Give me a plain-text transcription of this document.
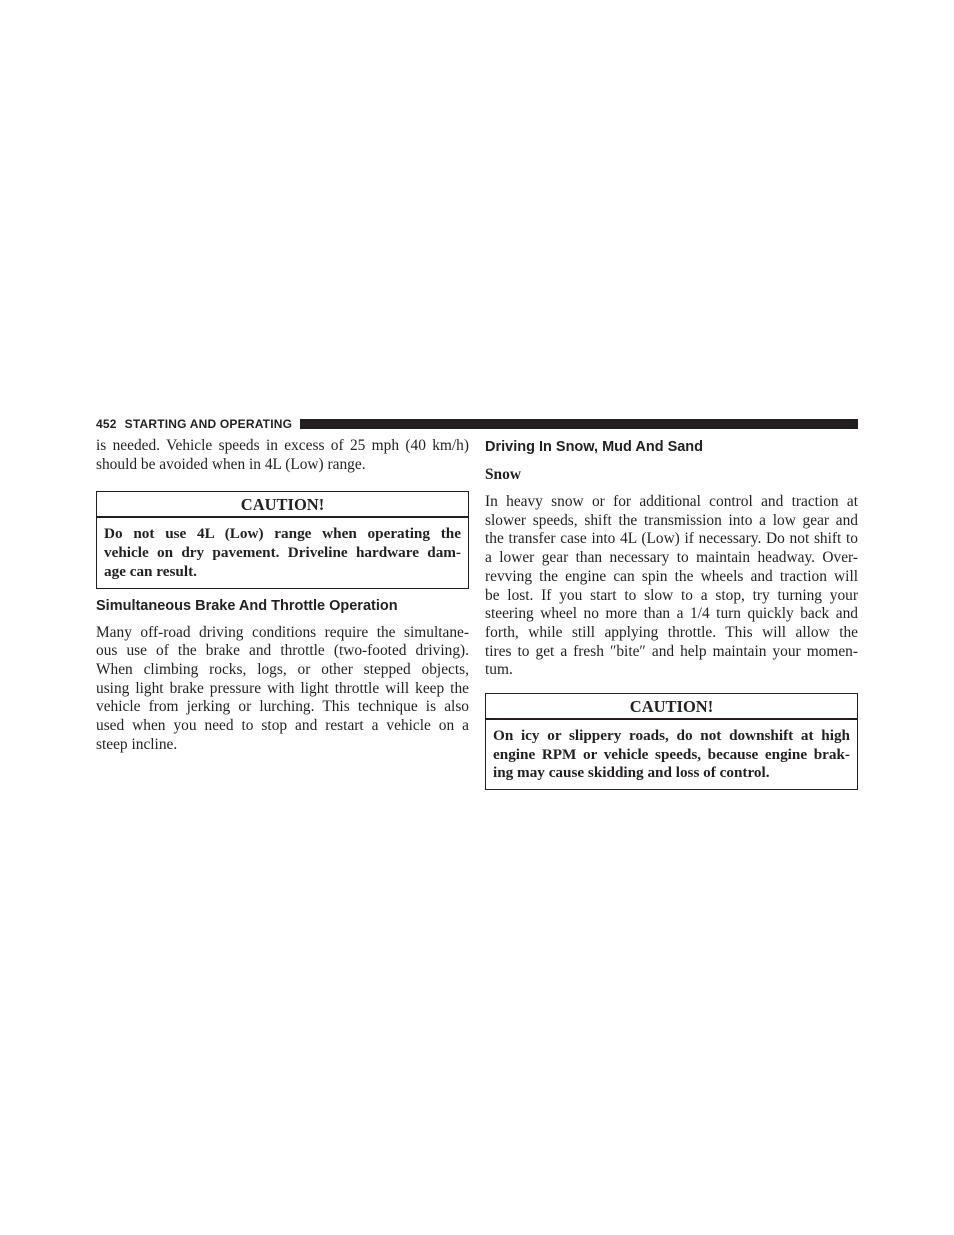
452 STARTING AND OPERATING

is needed. Vehicle speeds in excess of 25 mph (40 km/h)
should be avoided when in 4L (Low) range.

CAUTION!
Do not use 4L (Low) range when operating the
vehicle on dry pavement. Driveline hardware dam-
age can result.
Simultaneous Brake And Throttle Operation

Many off-road driving conditions require the simultane-
ous use of the brake and throttle (two-footed driving).
When climbing rocks, logs, or other stepped objects,
using light brake pressure with light throttle will keep the
vehicle from jerking or lurching. This technique is also
used when you need to stop and restart a vehicle on a
steep incline.

Driving In Snow, Mud And Sand
Snow

In heavy snow or for additional control and traction at
slower speeds, shift the transmission into a low gear and
the transfer case into 4L (Low) if necessary. Do not shift to
a lower gear than necessary to maintain headway. Over-
revving the engine can spin the wheels and traction will
be lost. If you start to slow to a stop, try turning your
steering wheel no more than a 1/4 turn quickly back and
forth, while still applying throttle. This will allow the
tires to get a fresh ″bite″ and help maintain your momen-
tum.

CAUTION!
On icy or slippery roads, do not downshift at high
engine RPM or vehicle speeds, because engine brak-
ing may cause skidding and loss of control.
